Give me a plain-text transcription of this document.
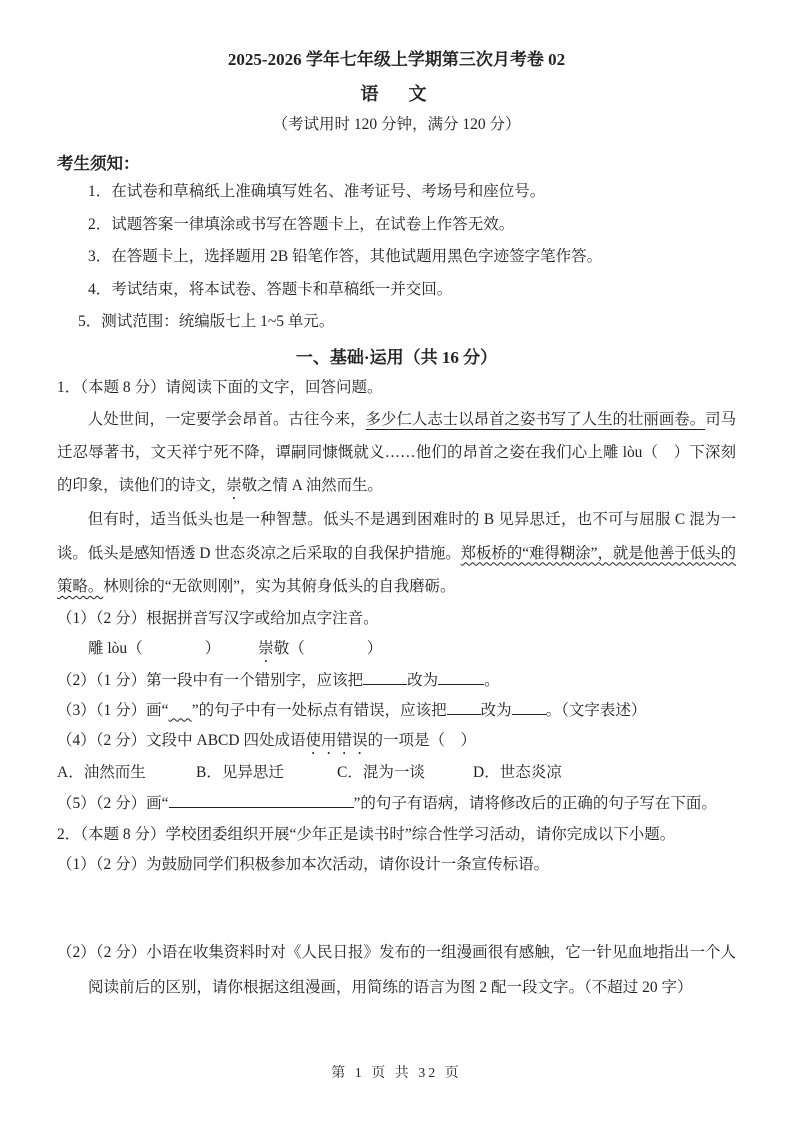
2025-2026 学年七年级上学期第三次月考卷 02
语　文
（考试用时 120 分钟，满分 120 分）
考生须知：
1．在试卷和草稿纸上准确填写姓名、准考证号、考场号和座位号。
2．试题答案一律填涂或书写在答题卡上，在试卷上作答无效。
3．在答题卡上，选择题用 2B 铅笔作答，其他试题用黑色字迹签字笔作答。
4．考试结束，将本试卷、答题卡和草稿纸一并交回。
5．测试范围：统编版七上 1~5 单元。
一、基础·运用（共 16 分）
1．（本题 8 分）请阅读下面的文字，回答问题。

人处世间，一定要学会昂首。古往今来，多少仁人志士以昂首之姿书写了人生的壮丽画卷。司马迁忍辱著书，文天祥宁死不降，谭嗣同慷慨就义……他们的昂首之姿在我们心上雕 lòu（　）下深刻的印象，读他们的诗文，崇敬之情 A 油然而生。

但有时，适当低头也是一种智慧。低头不是遇到困难时的 B 见异思迁，也不可与屈服 C 混为一谈。低头是感知悟透 D 世态炎凉之后采取的自我保护措施。郑板桥的“难得糊涂”，就是他善于低头的策略。林则徐的“无欲则刚”，实为其俯身低头的自我磨砺。

（1）（2 分）根据拼音写汉字或给加点字注音。
雕 lòu（	） 崇敬（	）
（2）（1 分）第一段中有一个错别字，应该把	改为	。
（3）（1 分）画“ ”的句子中有一处标点有错误，应该把 改为 。（文字表述）
（4）（2 分）文段中 ABCD 四处成语使用错误的一项是（　）
A．油然而生	B．见异思迁	C．混为一谈	D．世态炎凉
（5）（2 分）画“	”的句子有语病，请将修改后的正确的句子写在下面。
2．（本题 8 分）学校团委组织开展“少年正是读书时”综合性学习活动，请你完成以下小题。
（1）（2 分）为鼓励同学们积极参加本次活动，请你设计一条宣传标语。
（2）（2 分）小语在收集资料时对《人民日报》发布的一组漫画很有感触，它一针见血地指出一个人阅读前后的区别，请你根据这组漫画，用简练的语言为图 2 配一段文字。（不超过 20 字）
第 1 页 共 32 页
